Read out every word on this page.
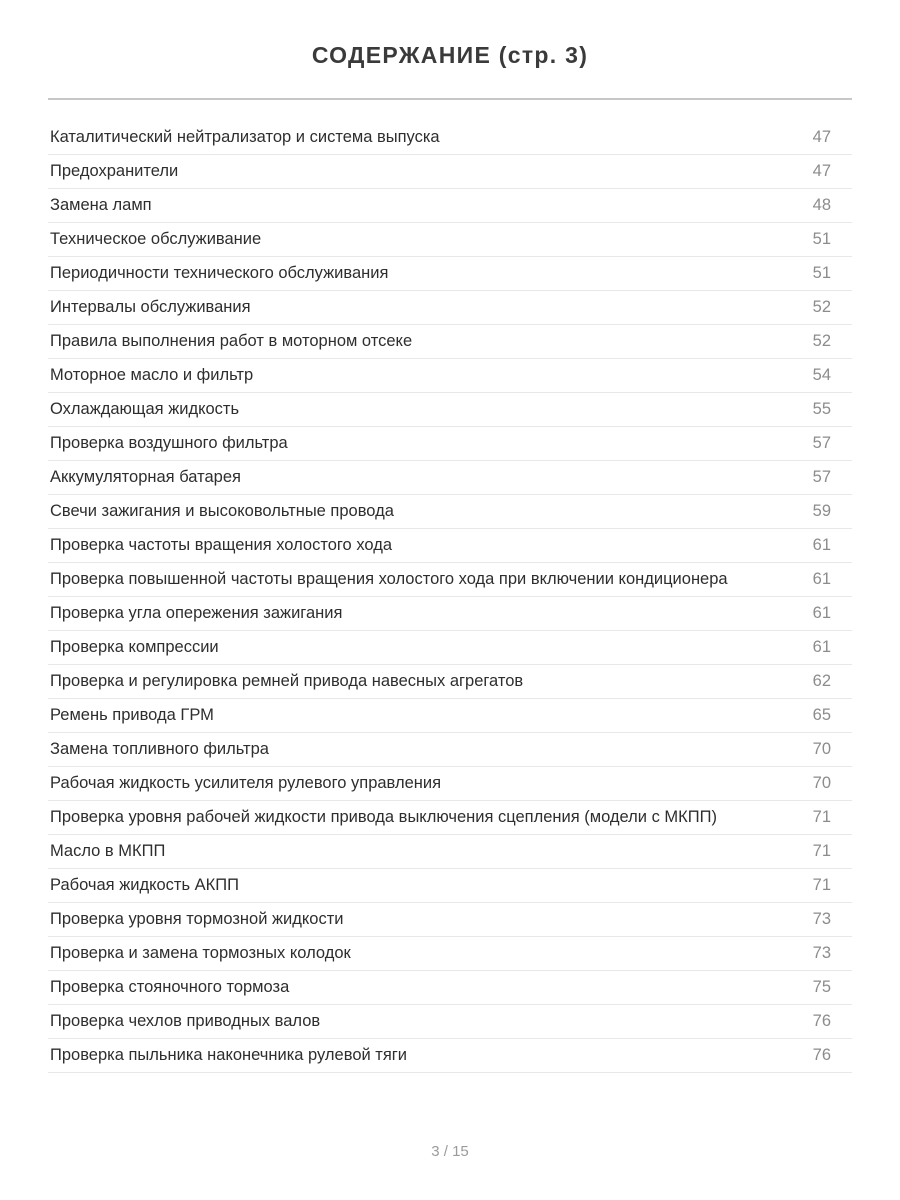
СОДЕРЖАНИЕ (стр. 3)
Каталитический нейтрализатор и система выпуска	47
Предохранители	47
Замена ламп	48
Техническое обслуживание	51
Периодичности технического обслуживания	51
Интервалы обслуживания	52
Правила выполнения работ в моторном отсеке	52
Моторное масло и фильтр	54
Охлаждающая жидкость	55
Проверка воздушного фильтра	57
Аккумуляторная батарея	57
Свечи зажигания и высоковольтные провода	59
Проверка частоты вращения холостого хода	61
Проверка повышенной частоты вращения холостого хода при включении кондиционера	61
Проверка угла опережения зажигания	61
Проверка компрессии	61
Проверка и регулировка ремней привода навесных агрегатов	62
Ремень привода ГРМ	65
Замена топливного фильтра	70
Рабочая жидкость усилителя рулевого управления	70
Проверка уровня рабочей жидкости привода выключения сцепления (модели с МКПП)	71
Масло в МКПП	71
Рабочая жидкость АКПП	71
Проверка уровня тормозной жидкости	73
Проверка и замена тормозных колодок	73
Проверка стояночного тормоза	75
Проверка чехлов приводных валов	76
Проверка пыльника наконечника рулевой тяги	76
3 / 15
